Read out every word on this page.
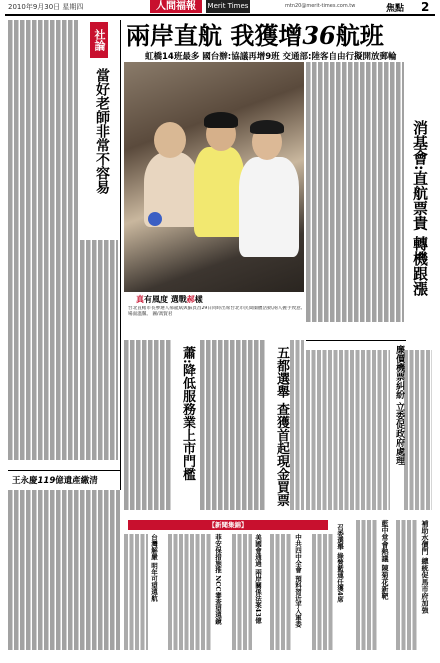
2010年9月30日 星期四	人間福報	Merit Times	mtn20@merit-times.com.tw	焦點 2
社論
當好老師非常不容易
兩岸直航 我獲增36航班
虹橋14班最多 國台辦:協議再增9班 交通部:陸客自由行擬開放郵輪
真有風度 選戰郝樣
台北直轄市長參選人郝龍斌與蘇貞昌29日同時出席台北市民間團體活動,兩人握手致意,場面溫馨。 圖/馮賢君
消基會:直航票貴 轉機跟漲
廉價機票糾紛 立委促政府處理
蕭:降低服務業上市門檻	五都選舉 查獲首起現金買票
【新聞集錦】	補助水價門 總統促馬市府加強
藍中常會熱議 陳菊花新靶
召委選舉 綠營藍連任獲4席
中共四中全會 預料習近平入軍委
美國會通過 兩岸關係法案43億
菲安保措施推 NCC審查望遠鏡
台灣解嚴 明年可望遠航
王永慶119億遺產繳清
